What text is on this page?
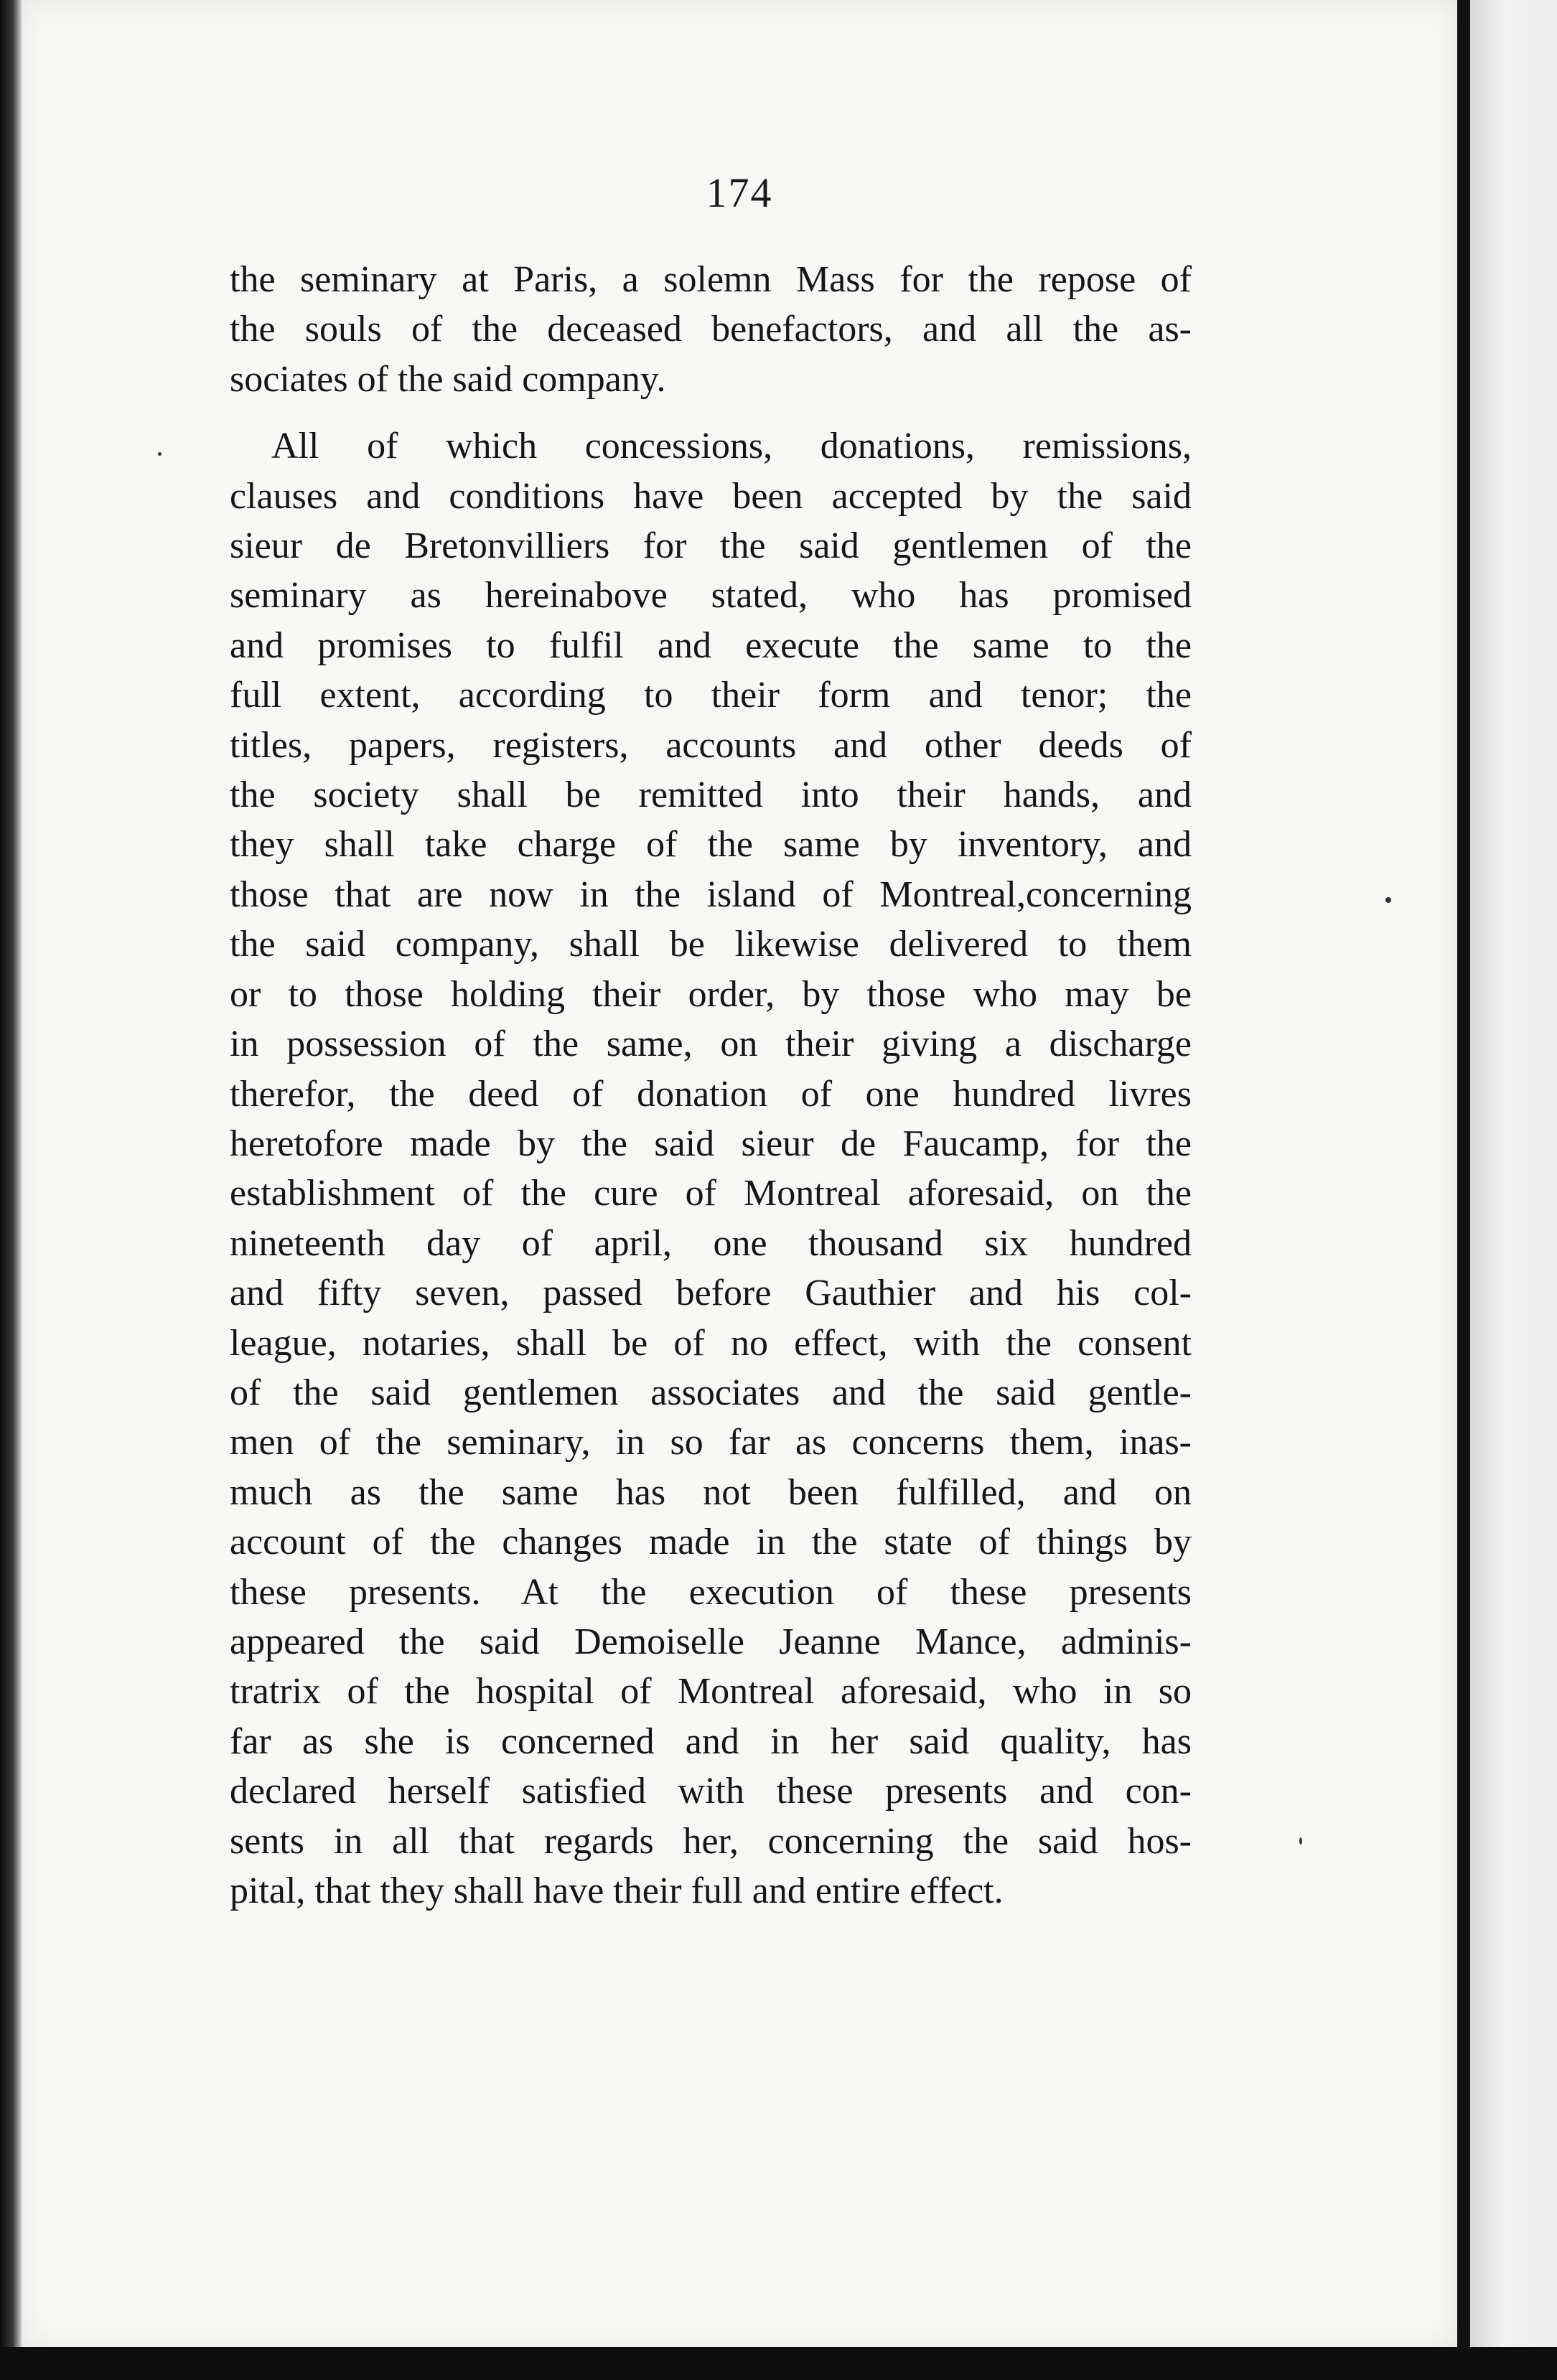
174
the seminary at Paris, a solemn Mass for the repose of
the souls of the deceased benefactors, and all the as-
sociates of the said company.
All of which concessions, donations, remissions,
clauses and conditions have been accepted by the said
sieur de Bretonvilliers for the said gentlemen of the
seminary as hereinabove stated, who has promised
and promises to fulfil and execute the same to the
full extent, according to their form and tenor; the
titles, papers, registers, accounts and other deeds of
the society shall be remitted into their hands, and
they shall take charge of the same by inventory, and
those that are now in the island of Montreal,concerning
the said company, shall be likewise delivered to them
or to those holding their order, by those who may be
in possession of the same, on their giving a discharge
therefor, the deed of donation of one hundred livres
heretofore made by the said sieur de Faucamp, for the
establishment of the cure of Montreal aforesaid, on the
nineteenth day of april, one thousand six hundred
and fifty seven, passed before Gauthier and his col-
league, notaries, shall be of no effect, with the consent
of the said gentlemen associates and the said gentle-
men of the seminary, in so far as concerns them, inas-
much as the same has not been fulfilled, and on
account of the changes made in the state of things by
these presents. At the execution of these presents
appeared the said Demoiselle Jeanne Mance, adminis-
tratrix of the hospital of Montreal aforesaid, who in so
far as she is concerned and in her said quality, has
declared herself satisfied with these presents and con-
sents in all that regards her, concerning the said hos-
pital, that they shall have their full and entire effect.
